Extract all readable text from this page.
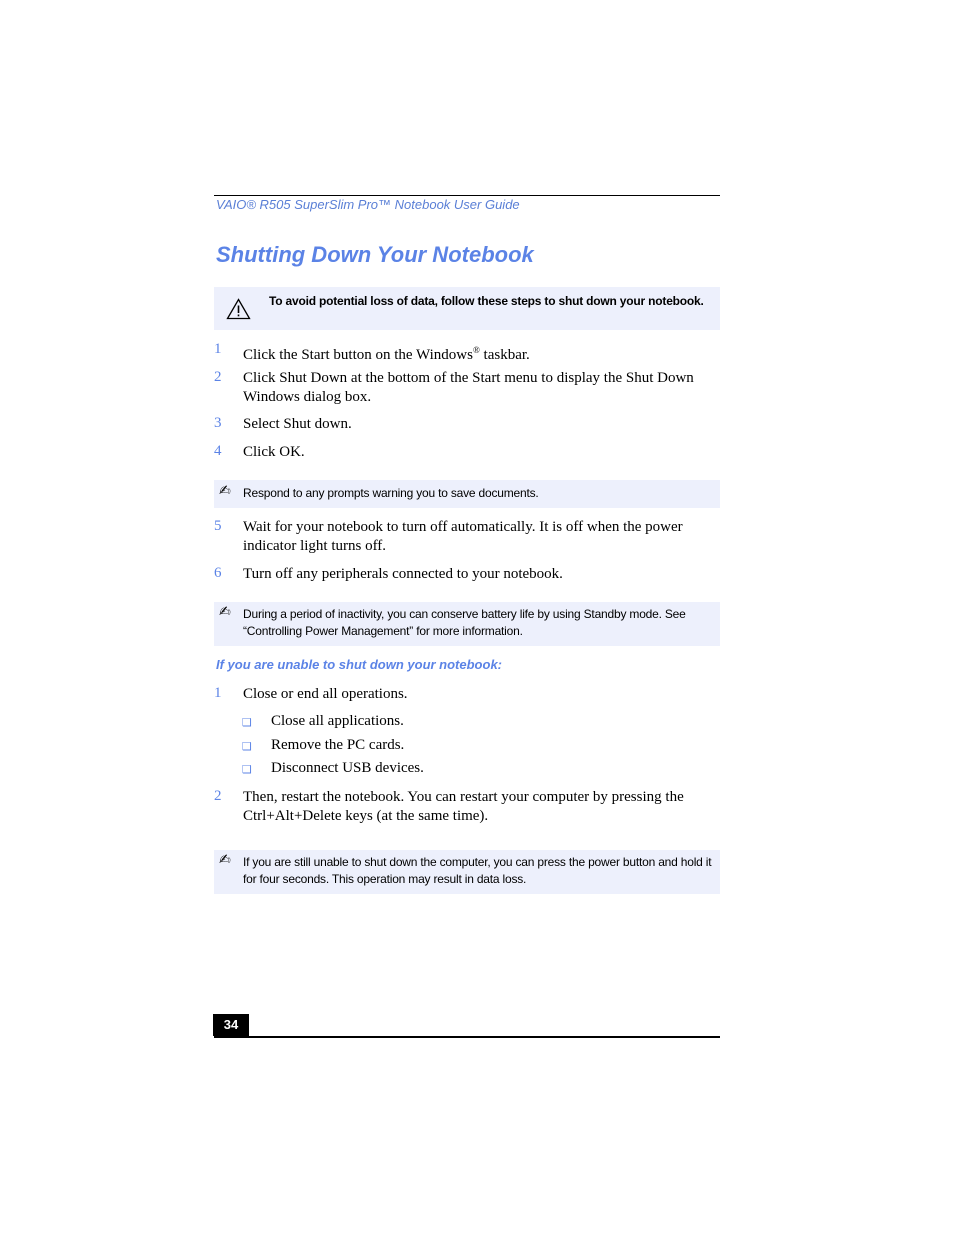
VAIO® R505 SuperSlim Pro™ Notebook User Guide
Shutting Down Your Notebook
To avoid potential loss of data, follow these steps to shut down your notebook.
1	Click the Start button on the Windows® taskbar.
2	Click Shut Down at the bottom of the Start menu to display the Shut Down Windows dialog box.
3	Select Shut down.
4	Click OK.
✍ Respond to any prompts warning you to save documents.
5	Wait for your notebook to turn off automatically. It is off when the power indicator light turns off.
6	Turn off any peripherals connected to your notebook.
✍ During a period of inactivity, you can conserve battery life by using Standby mode. See “Controlling Power Management” for more information.
If you are unable to shut down your notebook:
1	Close or end all operations.
❑ Close all applications.
❑ Remove the PC cards.
❑ Disconnect USB devices.
2	Then, restart the notebook. You can restart your computer by pressing the Ctrl+Alt+Delete keys (at the same time).
✍ If you are still unable to shut down the computer, you can press the power button and hold it for four seconds. This operation may result in data loss.
34
